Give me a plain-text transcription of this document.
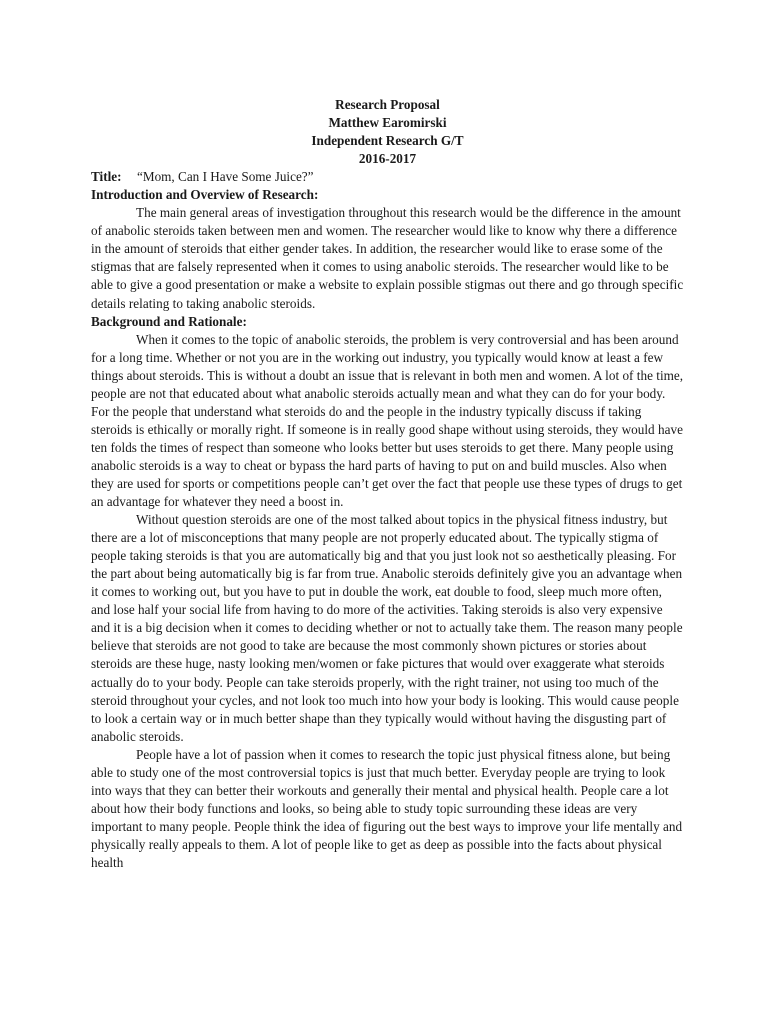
Research Proposal
Matthew Earomirski
Independent Research G/T
2016-2017
Title: “Mom, Can I Have Some Juice?”
Introduction and Overview of Research:

The main general areas of investigation throughout this research would be the difference in the amount of anabolic steroids taken between men and women. The researcher would like to know why there a difference in the amount of steroids that either gender takes. In addition, the researcher would like to erase some of the stigmas that are falsely represented when it comes to using anabolic steroids. The researcher would like to be able to give a good presentation or make a website to explain possible stigmas out there and go through specific details relating to taking anabolic steroids.

Background and Rationale:

When it comes to the topic of anabolic steroids, the problem is very controversial and has been around for a long time. Whether or not you are in the working out industry, you typically would know at least a few things about steroids. This is without a doubt an issue that is relevant in both men and women. A lot of the time, people are not that educated about what anabolic steroids actually mean and what they can do for your body. For the people that understand what steroids do and the people in the industry typically discuss if taking steroids is ethically or morally right. If someone is in really good shape without using steroids, they would have ten folds the times of respect than someone who looks better but uses steroids to get there. Many people using anabolic steroids is a way to cheat or bypass the hard parts of having to put on and build muscles. Also when they are used for sports or competitions people can’t get over the fact that people use these types of drugs to get an advantage for whatever they need a boost in.

Without question steroids are one of the most talked about topics in the physical fitness industry, but there are a lot of misconceptions that many people are not properly educated about. The typically stigma of people taking steroids is that you are automatically big and that you just look not so aesthetically pleasing. For the part about being automatically big is far from true. Anabolic steroids definitely give you an advantage when it comes to working out, but you have to put in double the work, eat double to food, sleep much more often, and lose half your social life from having to do more of the activities. Taking steroids is also very expensive and it is a big decision when it comes to deciding whether or not to actually take them. The reason many people believe that steroids are not good to take are because the most commonly shown pictures or stories about steroids are these huge, nasty looking men/women or fake pictures that would over exaggerate what steroids actually do to your body. People can take steroids properly, with the right trainer, not using too much of the steroid throughout your cycles, and not look too much into how your body is looking. This would cause people to look a certain way or in much better shape than they typically would without having the disgusting part of anabolic steroids.

People have a lot of passion when it comes to research the topic just physical fitness alone, but being able to study one of the most controversial topics is just that much better. Everyday people are trying to look into ways that they can better their workouts and generally their mental and physical health. People care a lot about how their body functions and looks, so being able to study topic surrounding these ideas are very important to many people. People think the idea of figuring out the best ways to improve your life mentally and physically really appeals to them. A lot of people like to get as deep as possible into the facts about physical health
